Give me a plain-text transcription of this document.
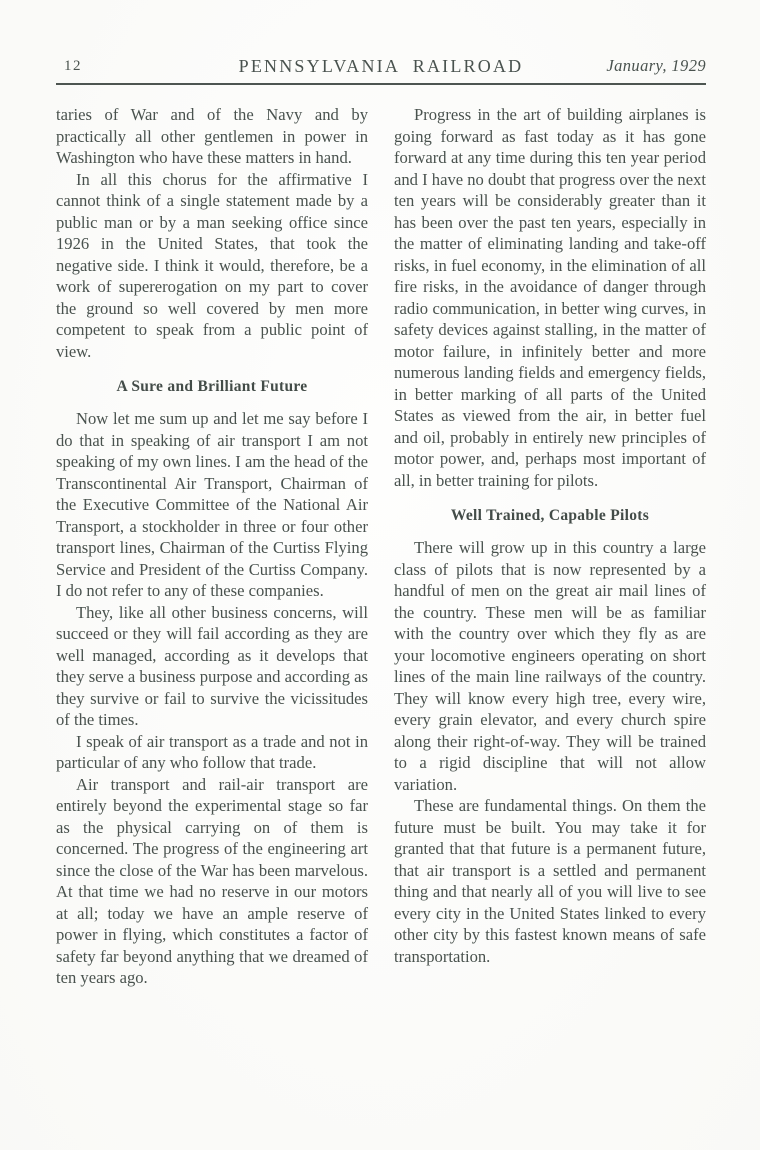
12	PENNSYLVANIA RAILROAD	January, 1929

taries of War and of the Navy and by practically all other gentlemen in power in Washington who have these matters in hand.

In all this chorus for the affirmative I cannot think of a single statement made by a public man or by a man seeking office since 1926 in the United States, that took the negative side. I think it would, therefore, be a work of supererogation on my part to cover the ground so well covered by men more competent to speak from a public point of view.

A Sure and Brilliant Future

Now let me sum up and let me say before I do that in speaking of air transport I am not speaking of my own lines. I am the head of the Transcontinental Air Transport, Chairman of the Executive Committee of the National Air Transport, a stockholder in three or four other transport lines, Chairman of the Curtiss Flying Service and President of the Curtiss Company. I do not refer to any of these companies.

They, like all other business concerns, will succeed or they will fail according as they are well managed, according as it develops that they serve a business purpose and according as they survive or fail to survive the vicissitudes of the times.

I speak of air transport as a trade and not in particular of any who follow that trade.

Air transport and rail-air transport are entirely beyond the experimental stage so far as the physical carrying on of them is concerned. The progress of the engineering art since the close of the War has been marvelous. At that time we had no reserve in our motors at all; today we have an ample reserve of power in flying, which constitutes a factor of safety far beyond anything that we dreamed of ten years ago.

Progress in the art of building airplanes is going forward as fast today as it has gone forward at any time during this ten year period and I have no doubt that progress over the next ten years will be considerably greater than it has been over the past ten years, especially in the matter of eliminating landing and take-off risks, in fuel economy, in the elimination of all fire risks, in the avoidance of danger through radio communication, in better wing curves, in safety devices against stalling, in the matter of motor failure, in infinitely better and more numerous landing fields and emergency fields, in better marking of all parts of the United States as viewed from the air, in better fuel and oil, probably in entirely new principles of motor power, and, perhaps most important of all, in better training for pilots.

Well Trained, Capable Pilots

There will grow up in this country a large class of pilots that is now represented by a handful of men on the great air mail lines of the country. These men will be as familiar with the country over which they fly as are your locomotive engineers operating on short lines of the main line railways of the country. They will know every high tree, every wire, every grain elevator, and every church spire along their right-of-way. They will be trained to a rigid discipline that will not allow variation.

These are fundamental things. On them the future must be built. You may take it for granted that that future is a permanent future, that air transport is a settled and permanent thing and that nearly all of you will live to see every city in the United States linked to every other city by this fastest known means of safe transportation.
